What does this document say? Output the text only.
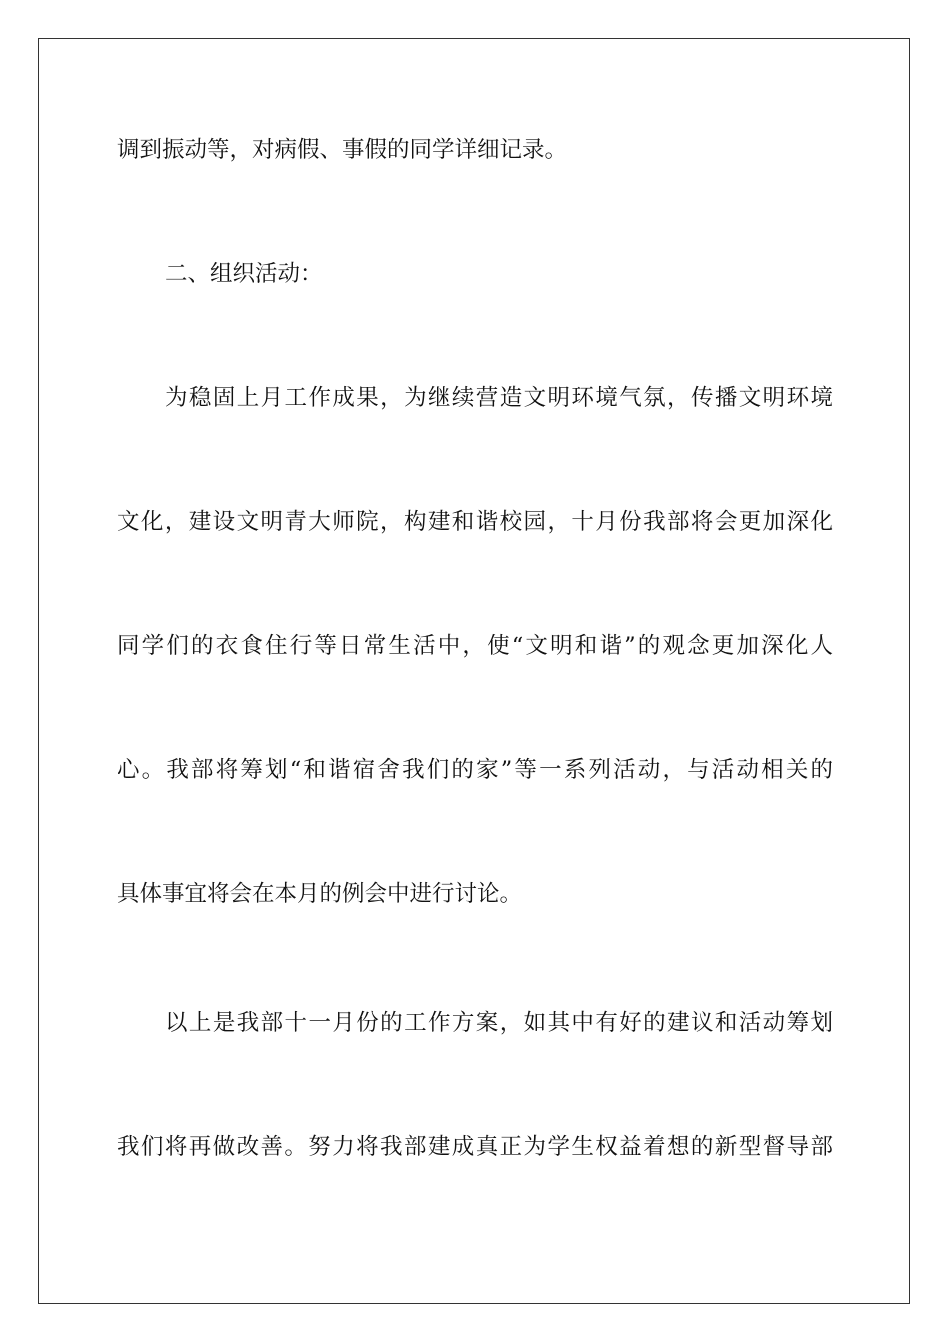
调到振动等，对病假、事假的同学详细记录。
二、组织活动：
为稳固上月工作成果，为继续营造文明环境气氛，传播文明环境
文化，建设文明青大师院，构建和谐校园，十月份我部将会更加深化
同学们的衣食住行等日常生活中，使“文明和谐”的观念更加深化人
心。我部将筹划“和谐宿舍我们的家”等一系列活动，与活动相关的
具体事宜将会在本月的例会中进行讨论。
以上是我部十一月份的工作方案，如其中有好的建议和活动筹划
我们将再做改善。努力将我部建成真正为学生权益着想的新型督导部
